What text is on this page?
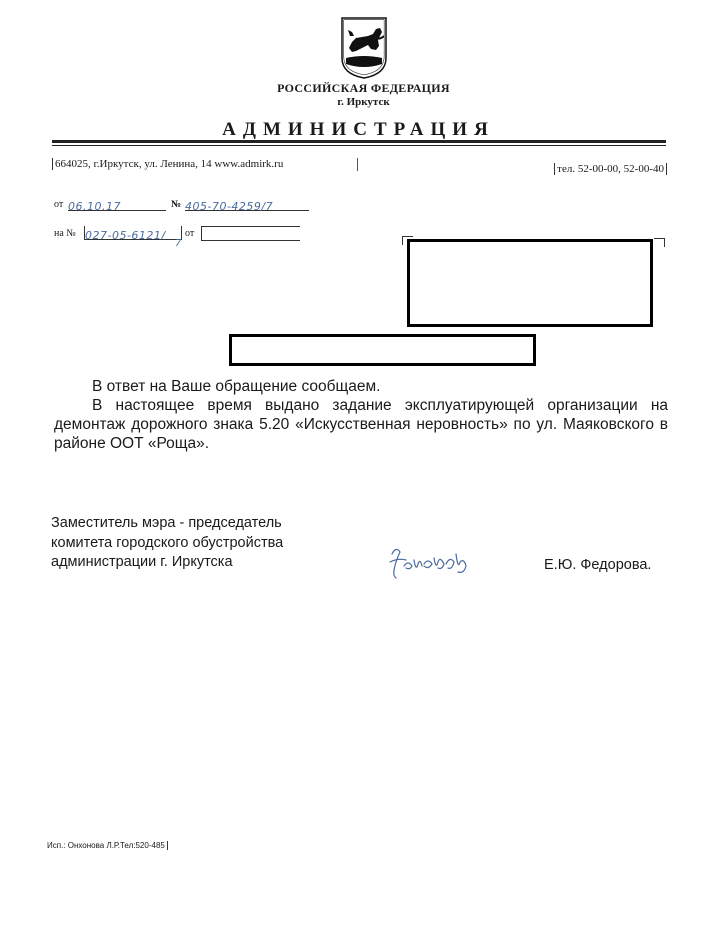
РОССИЙСКАЯ ФЕДЕРАЦИЯ
г. Иркутск
АДМИНИСТРАЦИЯ
664025, г.Иркутск, ул. Ленина, 14 www.admirk.ru	тел. 52-00-00, 52-00-40
от 06.10.17	№ 405-70-4259/7
на № 027-05-6121/
7
от

В ответ на Ваше обращение сообщаем.

В настоящее время выдано задание эксплуатирующей организации на демонтаж дорожного знака 5.20 «Искусственная неровность» по ул. Маяковского в районе ООТ «Роща».

Заместитель мэра - председатель
комитета городского обустройства
администрации г. Иркутска	Е.Ю. Федорова.
Исп.: Онхонова Л.Р.Тел:520-485
